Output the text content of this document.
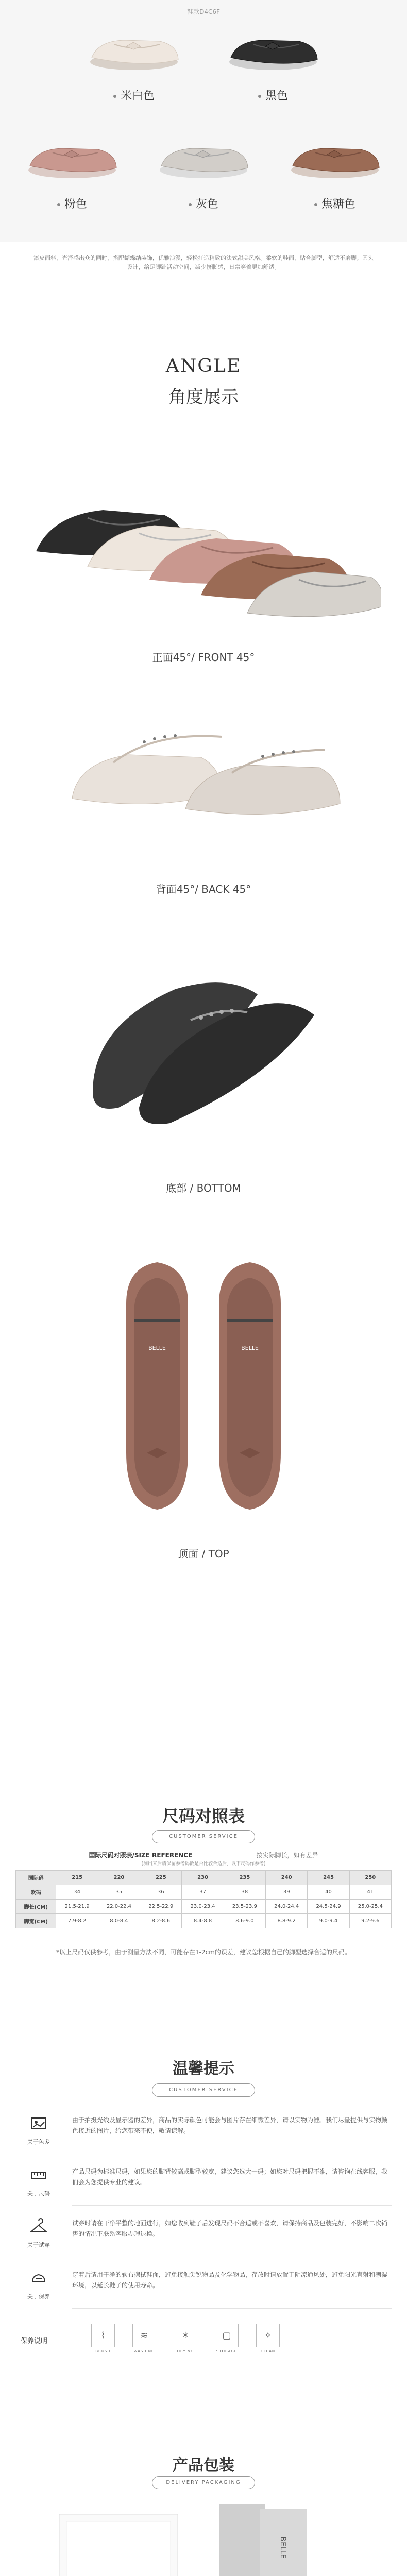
鞋款D4C6F
米白色	黑色
粉色	灰色	焦糖色

漆皮面料，光泽感出众的同时，搭配蝴蝶结装饰，优雅浪漫，轻松打造精致的法式甜美风格。柔软的鞋面，贴合脚型，舒适不磨脚；圆头设计，给足脚趾活动空间，减少挤脚感，日常穿着更加舒适。

ANGLE
角度展示
正面45°/ FRONT 45°
背面45°/ BACK 45°
底部 / BOTTOM
BELLE	BELLE
顶面 / TOP
尺码对照表
CUSTOMER SERVICE
国际尺码对照表/SIZE REFERENCE	按实际脚长，如有差异
(测出来后请保留参考码数是否比较合适后，以下尺码作参考)
国际码	215	220	225	230	235	240	245	250
欧码	34	35	36	37	38	39	40	41
脚长(CM)	21.5-21.9	22.0-22.4	22.5-22.9	23.0-23.4	23.5-23.9	24.0-24.4	24.5-24.9	25.0-25.4
脚宽(CM)	7.9-8.2	8.0-8.4	8.2-8.6	8.4-8.8	8.6-9.0	8.8-9.2	9.0-9.4	9.2-9.6
*以上尺码仅供参考，由于测量方法不同，可能存在1-2cm的误差，建议您根据自己的脚型选择合适的尺码。
温馨提示
CUSTOMER SERVICE
关于色差
由于拍摄光线及显示器的差异，商品的实际颜色可能会与图片存在细微差异，请以实物为准。我们尽量提供与实物颜色接近的图片，给您带来不便，敬请谅解。
关于尺码
产品尺码为标准尺码，如果您的脚背较高或脚型较宽，建议您选大一码；如您对尺码把握不准，请咨询在线客服，我们会为您提供专业的建议。
关于试穿
试穿时请在干净平整的地面进行，如您收到鞋子后发现尺码不合适或不喜欢，请保持商品及包装完好，不影响二次销售的情况下联系客服办理退换。
关于保养
穿着后请用干净的软布擦拭鞋面，避免接触尖锐物品及化学物品，存放时请放置于阴凉通风处，避免阳光直射和潮湿环境，以延长鞋子的使用寿命。
保养说明
⌇
BRUSH
≋
WASHING
☀
DRYING
▢
STORAGE
✧
CLEAN
产品包装
DELIVERY PACKAGING
BELLE
